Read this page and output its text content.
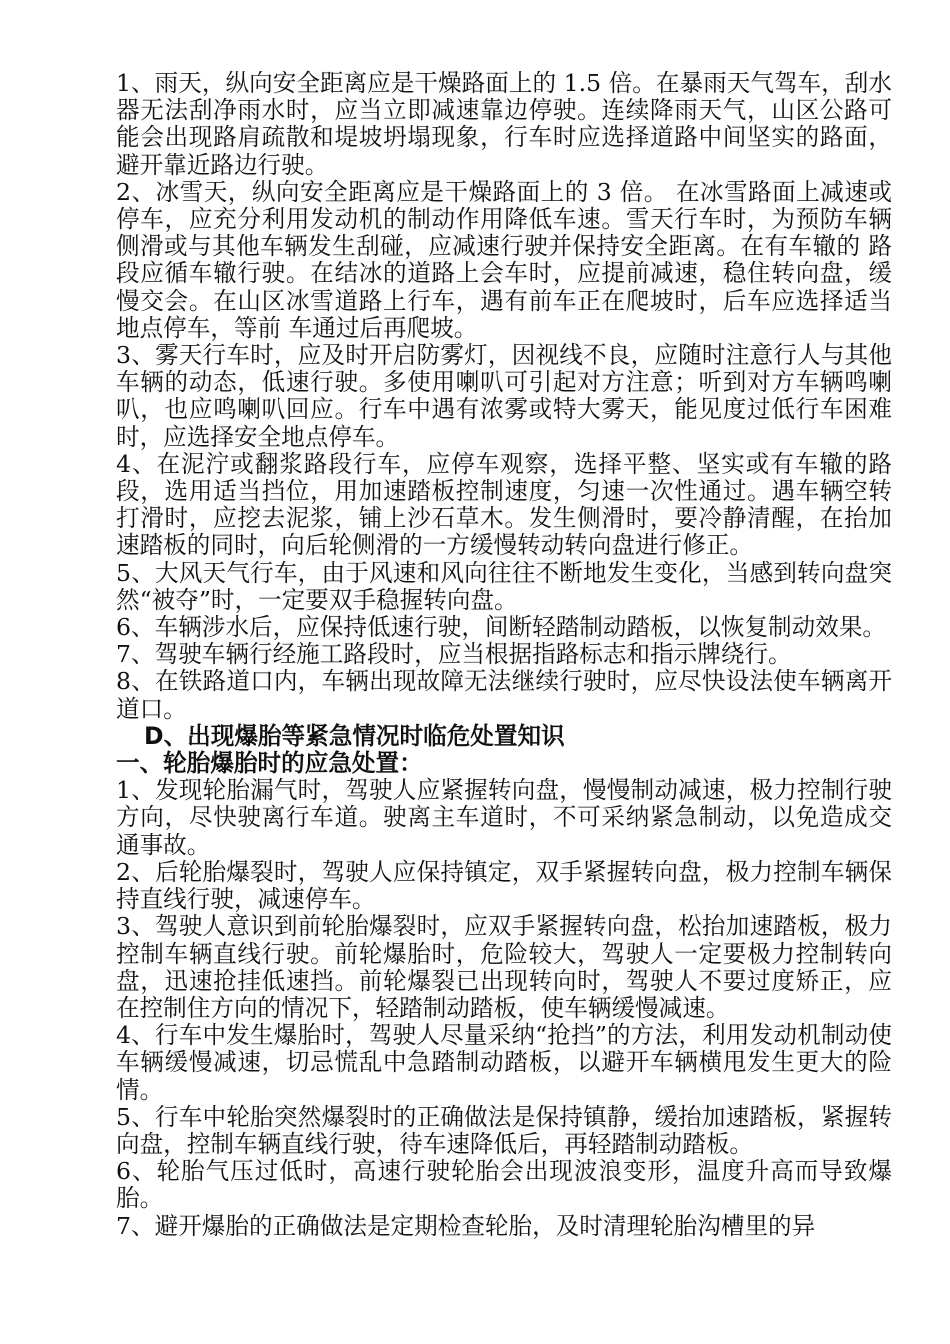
1、雨天，纵向安全距离应是干燥路面上的 1.5 倍。在暴雨天气驾车，刮水器无法刮净雨水时，应当立即减速靠边停驶。连续降雨天气，山区公路可能会出现路肩疏散和堤坡坍塌现象，行车时应选择道路中间坚实的路面，避开靠近路边行驶。

2、冰雪天，纵向安全距离应是干燥路面上的 3 倍。 在冰雪路面上减速或停车，应充分利用发动机的制动作用降低车速。雪天行车时，为预防车辆侧滑或与其他车辆发生刮碰，应减速行驶并保持安全距离。在有车辙的 路段应循车辙行驶。在结冰的道路上会车时，应提前减速，稳住转向盘，缓慢交会。在山区冰雪道路上行车，遇有前车正在爬坡时，后车应选择适当地点停车，等前 车通过后再爬坡。

3、雾天行车时，应及时开启防雾灯，因视线不良，应随时注意行人与其他车辆的动态，低速行驶。多使用喇叭可引起对方注意；听到对方车辆鸣喇叭，也应鸣喇叭回应。行车中遇有浓雾或特大雾天，能见度过低行车困难时，应选择安全地点停车。

4、在泥泞或翻浆路段行车，应停车观察，选择平整、坚实或有车辙的路段，选用适当挡位，用加速踏板控制速度，匀速一次性通过。遇车辆空转打滑时，应挖去泥浆，铺上沙石草木。发生侧滑时，要冷静清醒，在抬加速踏板的同时，向后轮侧滑的一方缓慢转动转向盘进行修正。

5、大风天气行车，由于风速和风向往往不断地发生变化，当感到转向盘突然“被夺”时，一定要双手稳握转向盘。

6、车辆涉水后，应保持低速行驶，间断轻踏制动踏板，以恢复制动效果。

7、驾驶车辆行经施工路段时，应当根据指路标志和指示牌绕行。

8、在铁路道口内，车辆出现故障无法继续行驶时，应尽快设法使车辆离开道口。

D、出现爆胎等紧急情况时临危处置知识

一、轮胎爆胎时的应急处置：

1、发现轮胎漏气时，驾驶人应紧握转向盘，慢慢制动减速，极力控制行驶方向，尽快驶离行车道。驶离主车道时，不可采纳紧急制动，以免造成交通事故。

2、后轮胎爆裂时，驾驶人应保持镇定，双手紧握转向盘，极力控制车辆保持直线行驶，减速停车。

3、驾驶人意识到前轮胎爆裂时，应双手紧握转向盘，松抬加速踏板，极力控制车辆直线行驶。前轮爆胎时，危险较大，驾驶人一定要极力控制转向盘，迅速抢挂低速挡。前轮爆裂已出现转向时，驾驶人不要过度矫正，应在控制住方向的情况下，轻踏制动踏板，使车辆缓慢减速。

4、行车中发生爆胎时，驾驶人尽量采纳“抢挡”的方法，利用发动机制动使车辆缓慢减速，切忌慌乱中急踏制动踏板，以避开车辆横甩发生更大的险情。

5、行车中轮胎突然爆裂时的正确做法是保持镇静，缓抬加速踏板，紧握转向盘，控制车辆直线行驶，待车速降低后，再轻踏制动踏板。

6、轮胎气压过低时，高速行驶轮胎会出现波浪变形，温度升高而导致爆胎。

7、避开爆胎的正确做法是定期检查轮胎，及时清理轮胎沟槽里的异
